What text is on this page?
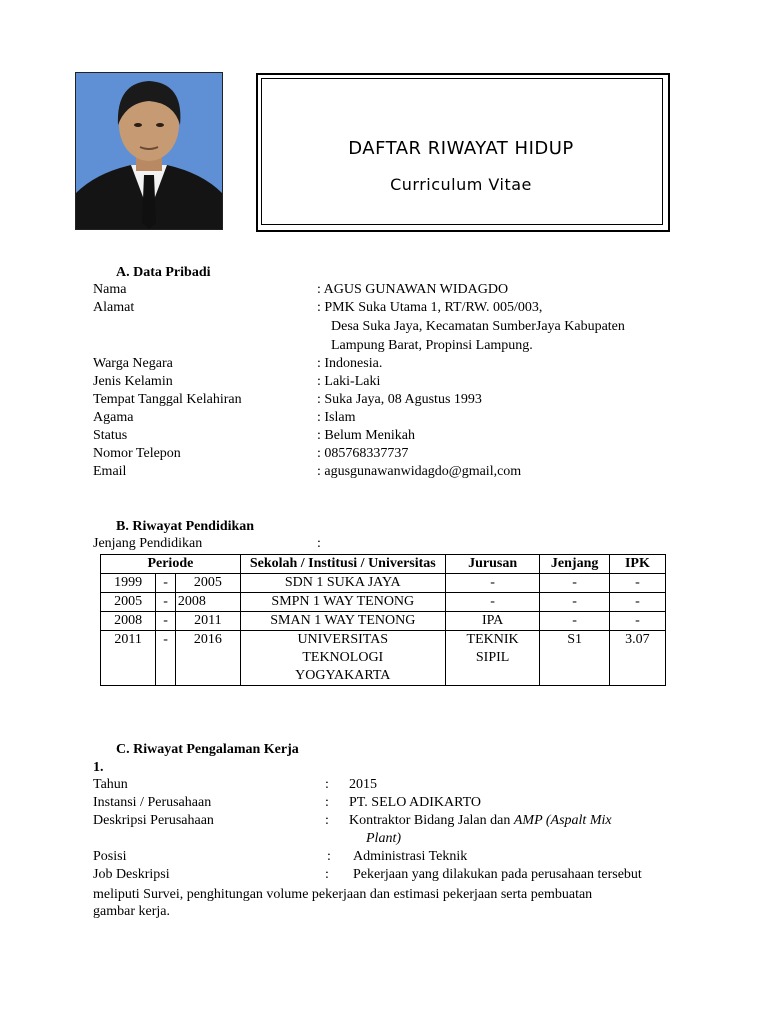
DAFTAR RIWAYAT HIDUP
Curriculum Vitae
A. Data Pribadi
Nama	: AGUS GUNAWAN WIDAGDO
Alamat	: PMK Suka Utama 1, RT/RW. 005/003,
Desa Suka Jaya, Kecamatan SumberJaya Kabupaten
Lampung Barat, Propinsi Lampung.
Warga Negara	: Indonesia.
Jenis Kelamin	: Laki-Laki
Tempat Tanggal Kelahiran	: Suka Jaya, 08 Agustus 1993
Agama	: Islam
Status	: Belum Menikah
Nomor Telepon	: 085768337737
Email	: agusgunawanwidagdo@gmail,com
B. Riwayat Pendidikan
Jenjang Pendidikan	:
Periode			Sekolah / Institusi / Universitas	Jurusan	Jenjang	IPK
1999	-	2005	SDN 1 SUKA JAYA	-	-	-
2005	-	2008	SMPN 1 WAY TENONG	-	-	-
2008	-	2011	SMAN 1 WAY TENONG	IPA	-	-
2011	-	2016	UNIVERSITAS TEKNOLOGI YOGYAKARTA	TEKNIK SIPIL	S1	3.07
C. Riwayat Pengalaman Kerja
1.
Tahun	: 2015
Instansi / Perusahaan	: PT. SELO ADIKARTO
Deskripsi Perusahaan	: Kontraktor Bidang Jalan dan AMP (Aspalt Mix
Plant)
Posisi	: Administrasi Teknik
Job Deskripsi	: Pekerjaan yang dilakukan pada perusahaan tersebut
meliputi Survei, penghitungan volume pekerjaan dan estimasi pekerjaan serta pembuatan
gambar kerja.
